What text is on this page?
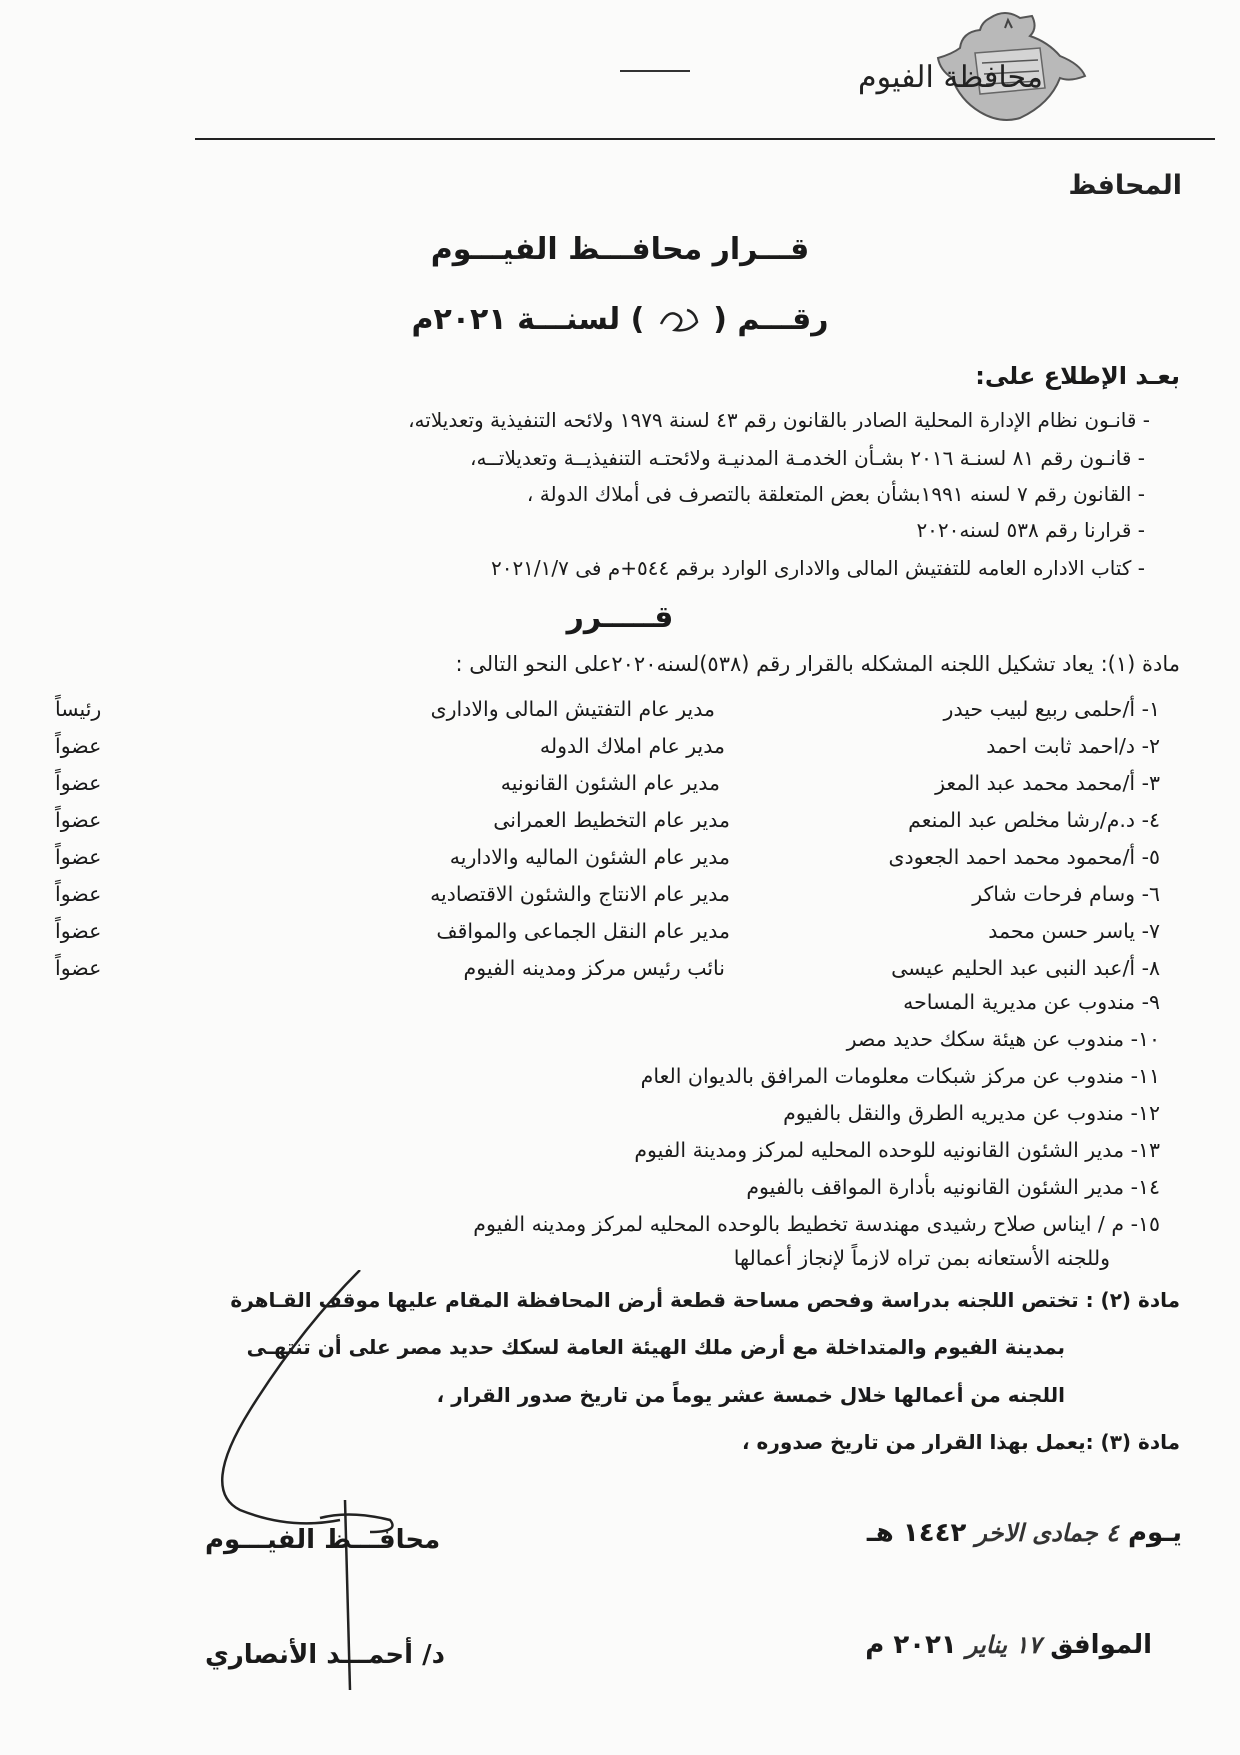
محافظة الفيوم
المحافظ
قـــرار محافـــظ الفيـــوم
رقـــم (  ) لسنـــة ٢٠٢١م
بعـد الإطلاع على:
- قانـون نظام الإدارة المحلية الصادر بالقانون رقم ٤٣ لسنة ١٩٧٩ ولائحه التنفيذية وتعديلاته،
- قانـون رقم ٨١ لسنـة ٢٠١٦ بشـأن الخدمـة المدنيـة ولائحتـه التنفيذيــة وتعديلاتــه،
- القانون رقم ٧ لسنه ١٩٩١بشأن بعض المتعلقة بالتصرف فى أملاك الدولة ،
- قرارنا رقم ٥٣٨ لسنه٢٠٢٠
- كتاب الاداره العامه للتفتيش المالى والادارى الوارد برقم ٥٤٤+م فى ٢٠٢١/١/٧
قـــــرر
مادة (١): يعاد تشكيل اللجنه المشكله بالقرار رقم (٥٣٨)لسنه٢٠٢٠على النحو التالى :
١- أ/حلمى ربيع لبيب حيدر
مدير عام التفتيش المالى والادارى
رئيساً
٢- د/احمد ثابت احمد
مدير عام املاك الدوله
عضواً
٣- أ/محمد محمد عبد المعز
مدير عام الشئون القانونيه
عضواً
٤- د.م/رشا مخلص عبد المنعم
مدير عام التخطيط العمرانى
عضواً
٥- أ/محمود محمد احمد الجعودى
مدير عام الشئون الماليه والاداريه
عضواً
٦- وسام فرحات شاكر
مدير عام الانتاج والشئون الاقتصاديه
عضواً
٧- ياسر حسن محمد
مدير عام النقل الجماعى والمواقف
عضواً
٨- أ/عبد النبى عبد الحليم عيسى
نائب رئيس مركز ومدينه الفيوم
عضواً
٩- مندوب عن مديرية المساحه
١٠- مندوب عن هيئة سكك حديد مصر
١١- مندوب عن مركز شبكات معلومات المرافق بالديوان العام
١٢- مندوب عن مديريه الطرق والنقل بالفيوم
١٣- مدير الشئون القانونيه للوحده المحليه لمركز ومدينة الفيوم
١٤- مدير الشئون القانونيه بأدارة المواقف بالفيوم
١٥- م / ايناس صلاح رشيدى مهندسة تخطيط بالوحده المحليه لمركز ومدينه الفيوم
وللجنه الأستعانه بمن تراه لازماً لإنجاز أعمالها
مادة (٢) : تختص اللجنه بدراسة وفحص مساحة قطعة أرض المحافظة المقام عليها موقف القـاهرة
بمدينة الفيوم والمتداخلة مع أرض ملك الهيئة العامة لسكك حديد مصر على أن تنتهـى
اللجنه من أعمالها خلال خمسة عشر يوماً من تاريخ صدور القرار ،
مادة (٣) :يعمل بهذا القرار من تاريخ صدوره ،
يـوم ٤ جمادى الاخر ١٤٤٢ هـ
محافـــظ الفيـــوم
الموافق ١٧ يناير ٢٠٢١ م
د/ أحمـــد الأنصاري
